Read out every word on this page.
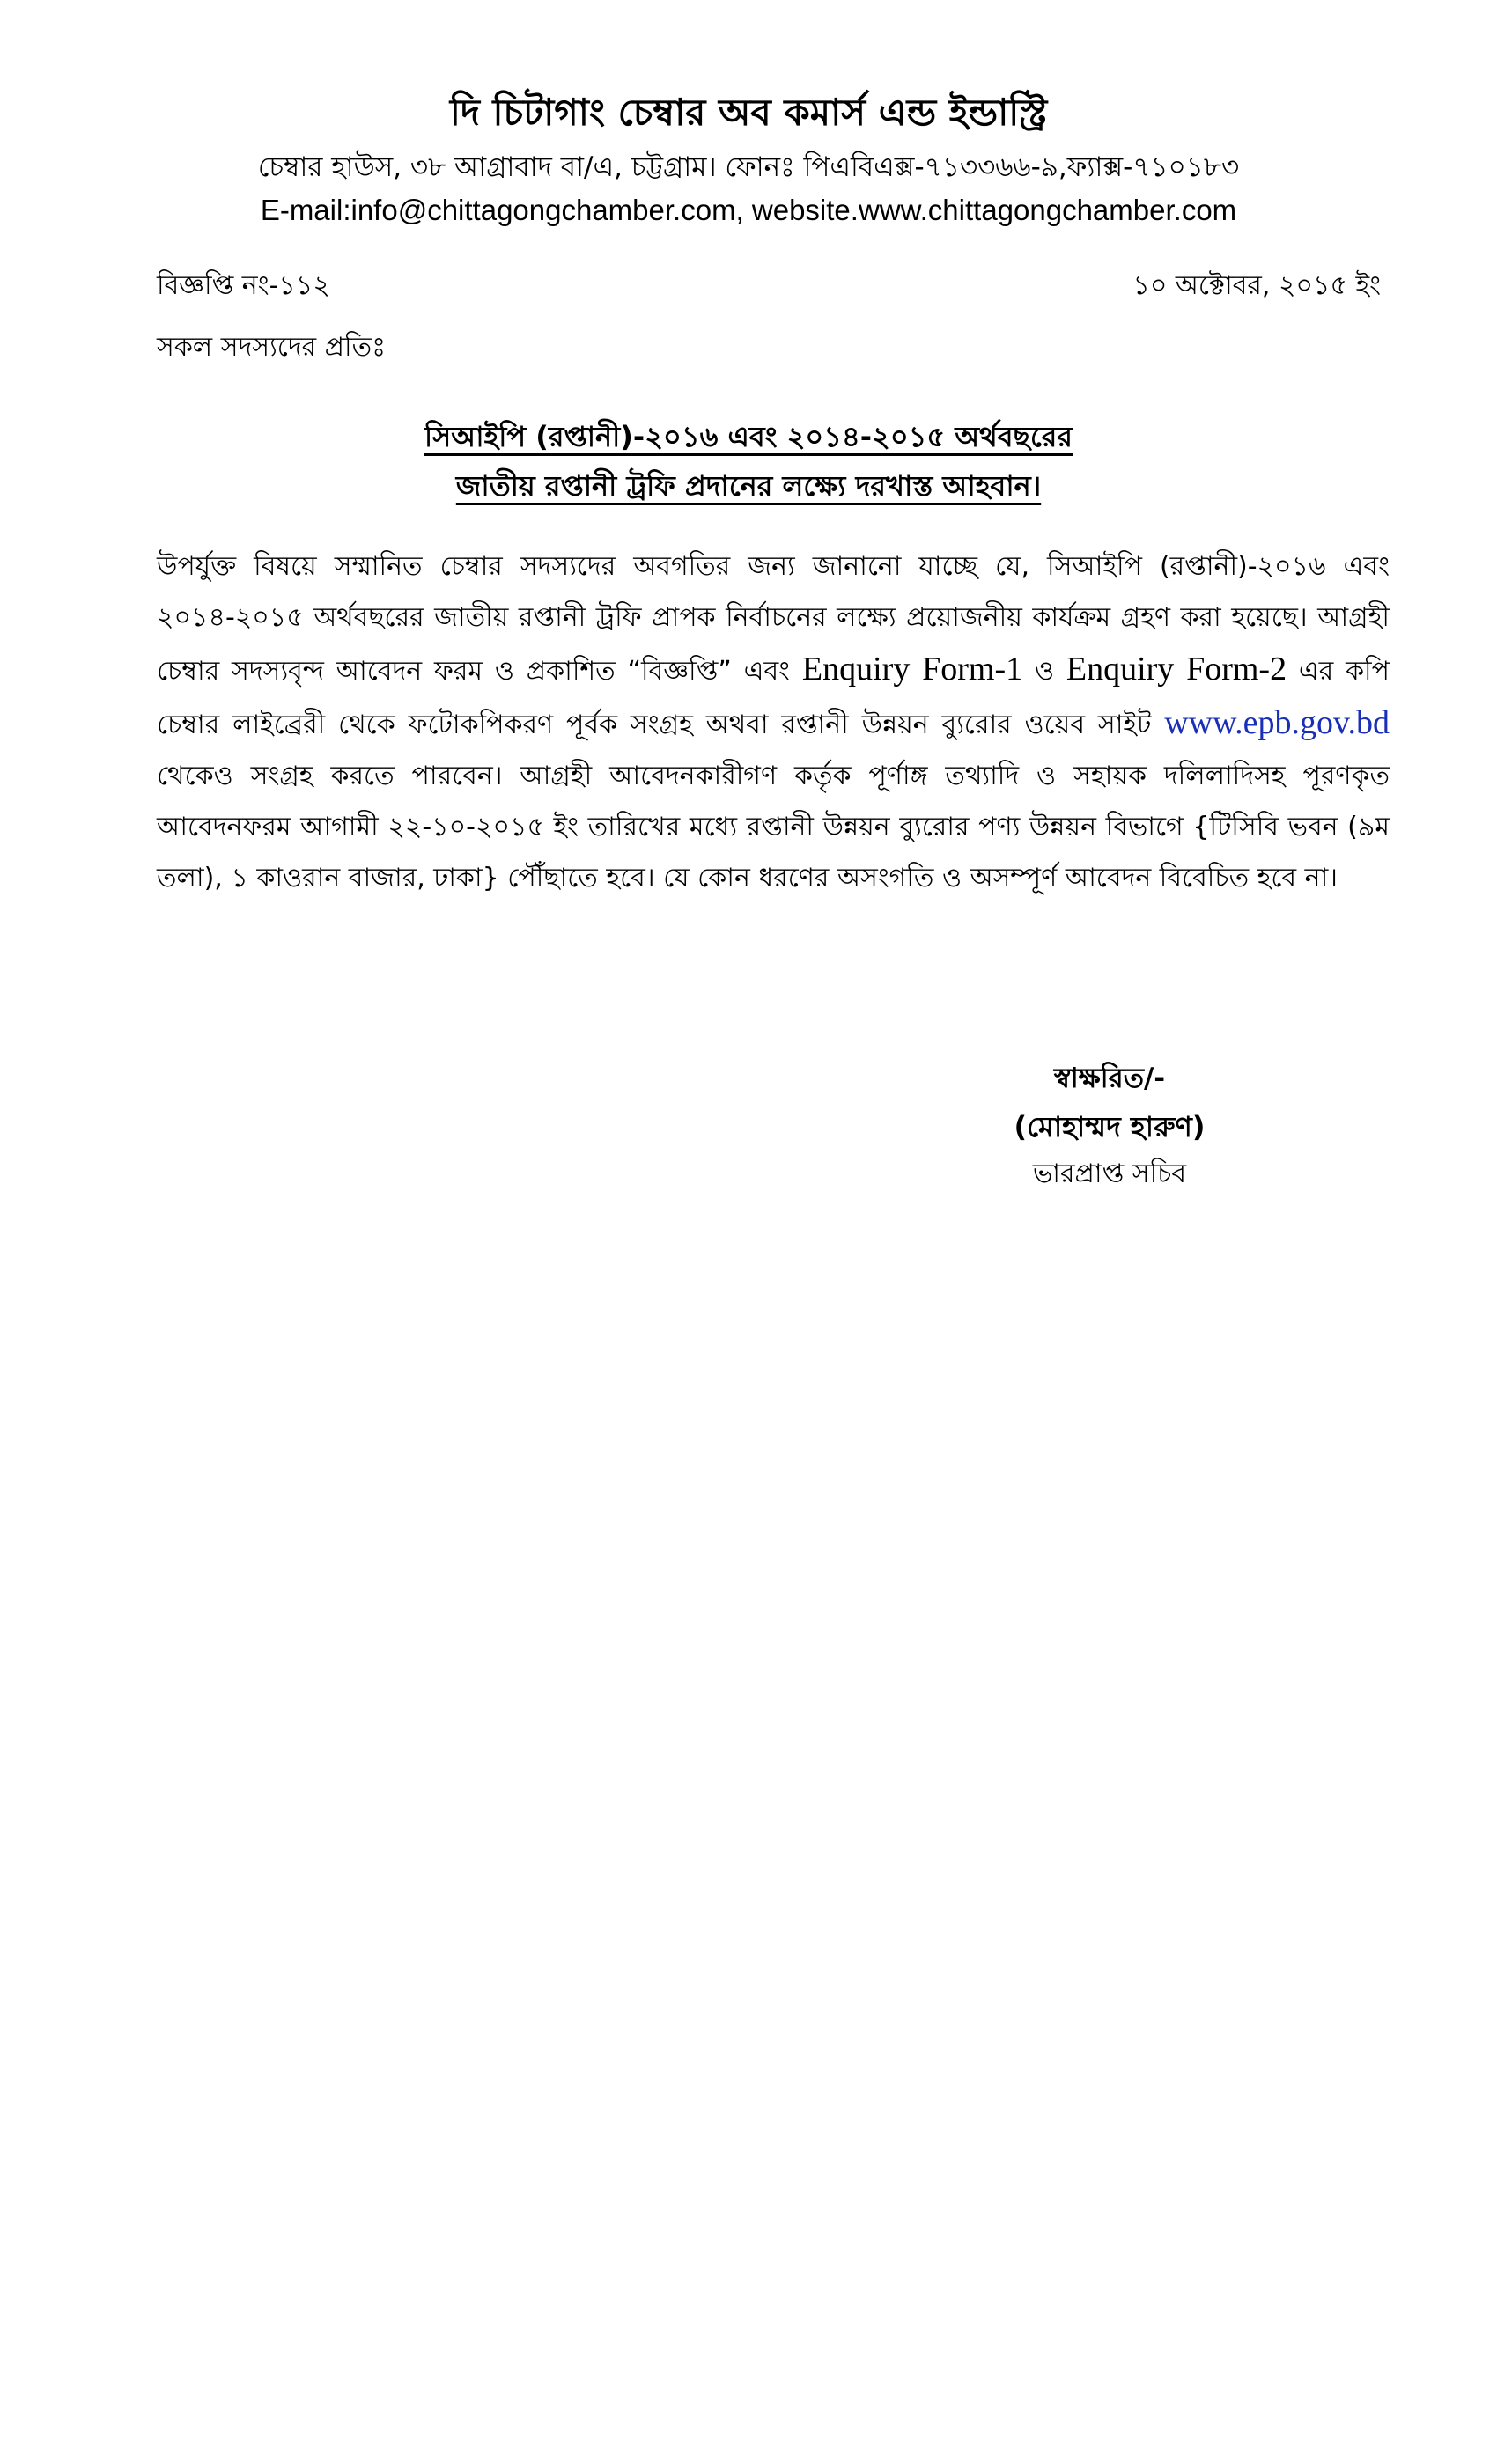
দি চিটাগাং চেম্বার অব কমার্স এন্ড ইন্ডাস্ট্রি
চেম্বার হাউস, ৩৮ আগ্রাবাদ বা/এ, চট্টগ্রাম। ফোনঃ পিএবিএক্স-৭১৩৩৬৬-৯,ফ্যাক্স-৭১০১৮৩
E-mail:info@chittagongchamber.com, website.www.chittagongchamber.com
বিজ্ঞপ্তি নং-১১২	১০ অক্টোবর, ২০১৫ ইং
সকল সদস্যদের প্রতিঃ
সিআইপি (রপ্তানী)-২০১৬ এবং ২০১৪-২০১৫ অর্থবছরের
জাতীয় রপ্তানী ট্রফি প্রদানের লক্ষ্যে দরখাস্ত আহবান।
উপর্যুক্ত বিষয়ে সম্মানিত চেম্বার সদস্যদের অবগতির জন্য জানানো যাচ্ছে যে, সিআইপি (রপ্তানী)-২০১৬ এবং ২০১৪-২০১৫ অর্থবছরের জাতীয় রপ্তানী ট্রফি প্রাপক নির্বাচনের লক্ষ্যে প্রয়োজনীয় কার্যক্রম গ্রহণ করা হয়েছে। আগ্রহী চেম্বার সদস্যবৃন্দ আবেদন ফরম ও প্রকাশিত “বিজ্ঞপ্তি” এবং Enquiry Form-1 ও Enquiry Form-2 এর কপি চেম্বার লাইব্রেরী থেকে ফটোকপিকরণ পূর্বক সংগ্রহ অথবা রপ্তানী উন্নয়ন ব্যুরোর ওয়েব সাইট www.epb.gov.bd থেকেও সংগ্রহ করতে পারবেন। আগ্রহী আবেদনকারীগণ কর্তৃক পূর্ণাঙ্গ তথ্যাদি ও সহায়ক দলিলাদিসহ পূরণকৃত আবেদনফরম আগামী ২২-১০-২০১৫ ইং তারিখের মধ্যে রপ্তানী উন্নয়ন ব্যুরোর পণ্য উন্নয়ন বিভাগে {টিসিবি ভবন (৯ম তলা), ১ কাওরান বাজার, ঢাকা} পৌঁছাতে হবে। যে কোন ধরণের অসংগতি ও অসম্পূর্ণ আবেদন বিবেচিত হবে না।
স্বাক্ষরিত/-
(মোহাম্মদ হারুণ)
ভারপ্রাপ্ত সচিব
